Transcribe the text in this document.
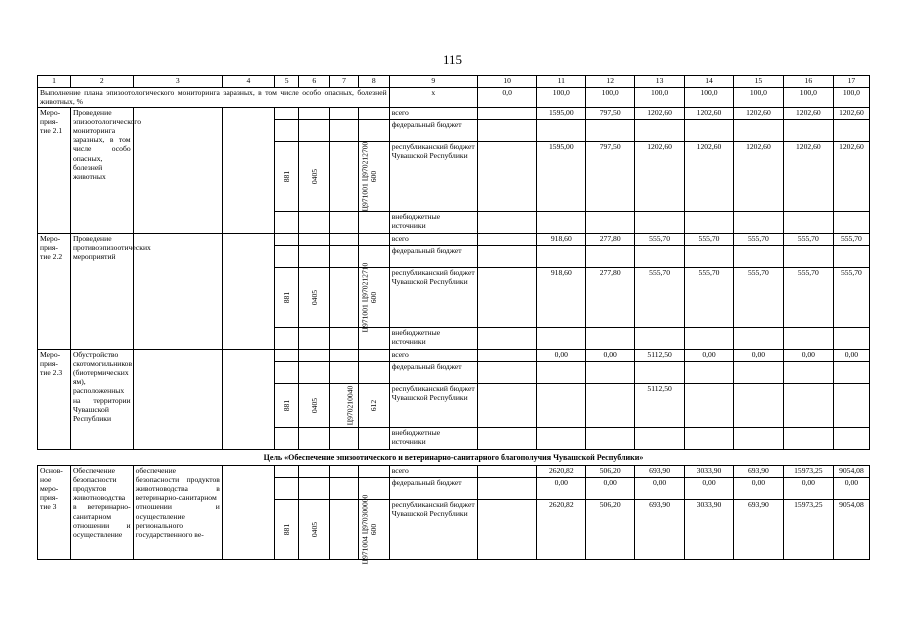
115
1	2	3	4	5	6	7	8	9	10	11	12	13	14	15	16	17
Выполнение плана эпизоотологического мониторинга заразных, в том числе особо опасных, болезней животных, %								х	0,0	100,0	100,0	100,0	100,0	100,0	100,0	100,0
Меро-прия-тие 2.1	Проведение эпизоотологического мониторинга заразных, в том числе особо опасных, болезней животных							всего		1595,00	797,50	1202,60	1202,60	1202,60	1202,60	1202,60
								федеральный бюджет								
				881	0405	Ц971001 Ц970212700	600	республиканский бюджет Чувашской Республики		1595,00	797,50	1202,60	1202,60	1202,60	1202,60	1202,60
								внебюджетные источники								
Меро-прия-тие 2.2	Проведение противоэпизоотических мероприятий							всего		918,60	277,80	555,70	555,70	555,70	555,70	555,70
								федеральный бюджет								
				881	0405	Ц971001 Ц970212710	600	республиканский бюджет Чувашской Республики		918,60	277,80	555,70	555,70	555,70	555,70	555,70
								внебюджетные источники								
Меро-прия-тие 2.3	Обустройство скотомогильников (биотермических ям), расположенных на территории Чувашской Республики							всего		0,00	0,00	5112,50	0,00	0,00	0,00	0,00
								федеральный бюджет								
				881	0405	Ц970210040	612	республиканский бюджет Чувашской Республики				5112,50				
								внебюджетные источники								
Цель «Обеспечение эпизоотического и ветеринарно-санитарного благополучия Чувашской Республики»																
Основ-ное меро-прия-тие 3	Обеспечение безопасности продуктов животноводства в ветеринарно-санитарном отношении и осуществление	обеспечение безопасности продуктов животноводства в ветеринарно-санитарном отношении и осуществление регионального государственного ве-						всего		2620,82	506,20	693,90	3033,90	693,90	15973,25	9054,08
								федеральный бюджет		0,00	0,00	0,00	0,00	0,00	0,00	0,00
				881	0405	Ц971004 Ц970300000	600	республиканский бюджет Чувашской Республики		2620,82	506,20	693,90	3033,90	693,90	15973,25	9054,08
